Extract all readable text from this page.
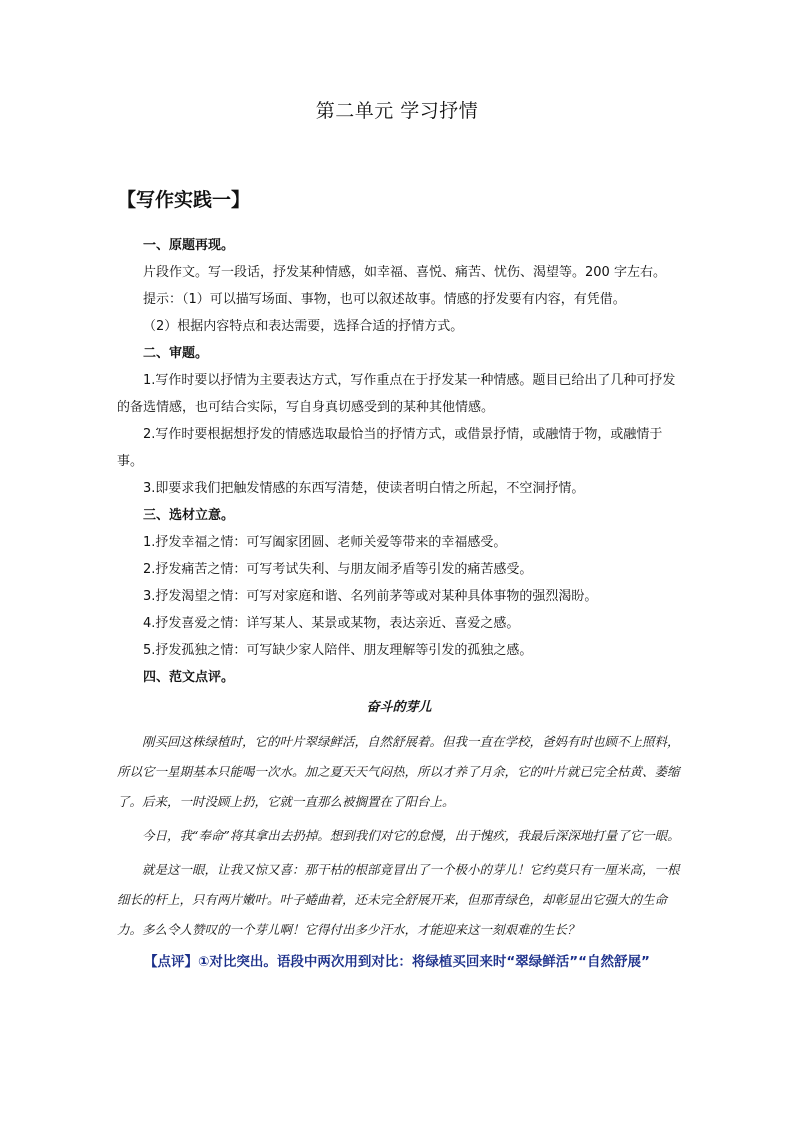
第二单元 学习抒情
【写作实践一】

一、原题再现。

片段作文。写一段话，抒发某种情感，如幸福、喜悦、痛苦、忧伤、渴望等。200 字左右。

提示：（1）可以描写场面、事物，也可以叙述故事。情感的抒发要有内容，有凭借。

（2）根据内容特点和表达需要，选择合适的抒情方式。

二、审题。

1.写作时要以抒情为主要表达方式，写作重点在于抒发某一种情感。题目已给出了几种可抒发的备选情感，也可结合实际，写自身真切感受到的某种其他情感。

2.写作时要根据想抒发的情感选取最恰当的抒情方式，或借景抒情，或融情于物，或融情于事。

3.即要求我们把触发情感的东西写清楚，使读者明白情之所起，不空洞抒情。

三、选材立意。

1.抒发幸福之情：可写阖家团圆、老师关爱等带来的幸福感受。

2.抒发痛苦之情：可写考试失利、与朋友闹矛盾等引发的痛苦感受。

3.抒发渴望之情：可写对家庭和谐、名列前茅等或对某种具体事物的强烈渴盼。

4.抒发喜爱之情：详写某人、某景或某物，表达亲近、喜爱之感。

5.抒发孤独之情：可写缺少家人陪伴、朋友理解等引发的孤独之感。

四、范文点评。

奋斗的芽儿

刚买回这株绿植时，它的叶片翠绿鲜活，自然舒展着。但我一直在学校，爸妈有时也顾不上照料，所以它一星期基本只能喝一次水。加之夏天天气闷热，所以才养了月余，它的叶片就已完全枯黄、萎缩了。后来，一时没顾上扔，它就一直那么被搁置在了阳台上。

今日，我“奉命”将其拿出去扔掉。想到我们对它的怠慢，出于愧疚，我最后深深地打量了它一眼。

就是这一眼，让我又惊又喜：那干枯的根部竟冒出了一个极小的芽儿！它约莫只有一厘米高，一根细长的杆上，只有两片嫩叶。叶子蜷曲着，还未完全舒展开来，但那青绿色，却彰显出它强大的生命力。多么令人赞叹的一个芽儿啊！它得付出多少汗水，才能迎来这一刻艰难的生长？

【点评】①对比突出。语段中两次用到对比：将绿植买回来时“翠绿鲜活”“自然舒展”
